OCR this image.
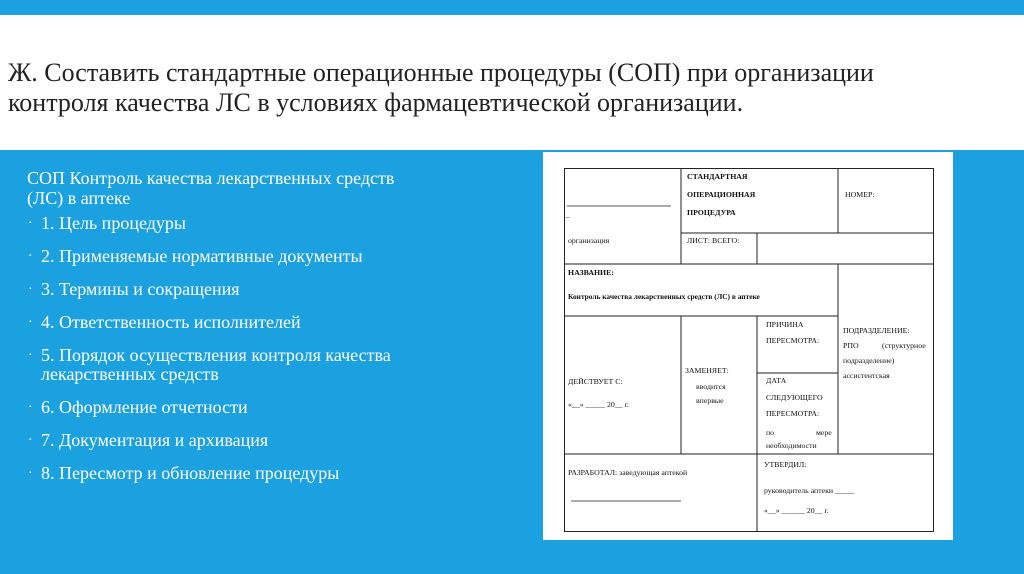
Ж. Составить стандартные операционные процедуры (СОП) при организации
контроля качества ЛС в условиях фармацевтической организации.
СОП Контроль качества лекарственных средств
(ЛС) в аптеке
· 1. Цель процедуры
· 2. Применяемые нормативные документы
· 3. Термины и сокращения
· 4. Ответственность исполнителей
· 5. Порядок осуществления контроля качества
лекарственных средств
· 6. Оформление отчетности
· 7. Документация и архивация
· 8. Пересмотр и обновление процедуры
–
организация
СТАНДАРТНАЯ
ОПЕРАЦИОННАЯ
ПРОЦЕДУРА
НОМЕР:
ЛИСТ: ВСЕГО:
НАЗВАНИЕ:
Контроль качества лекарственных средств (ЛС) в аптеке
ДЕЙСТВУЕТ С:
«__» _____ 20__ г.
ЗАМЕНЯЕТ:
вводится
впервые
ПРИЧИНА
ПЕРЕСМОТРА:
ДАТА
СЛЕДУЮЩЕГО
ПЕРЕСМОТРА:
по	мере
необходимости
ПОДРАЗДЕЛЕНИЕ:
РПО	(структурное
подразделение)
ассистентская
РАЗРАБОТАЛ: заведующая аптекой
УТВЕРДИЛ:
руководитель аптеки _____
«__» ______ 20__ г.
